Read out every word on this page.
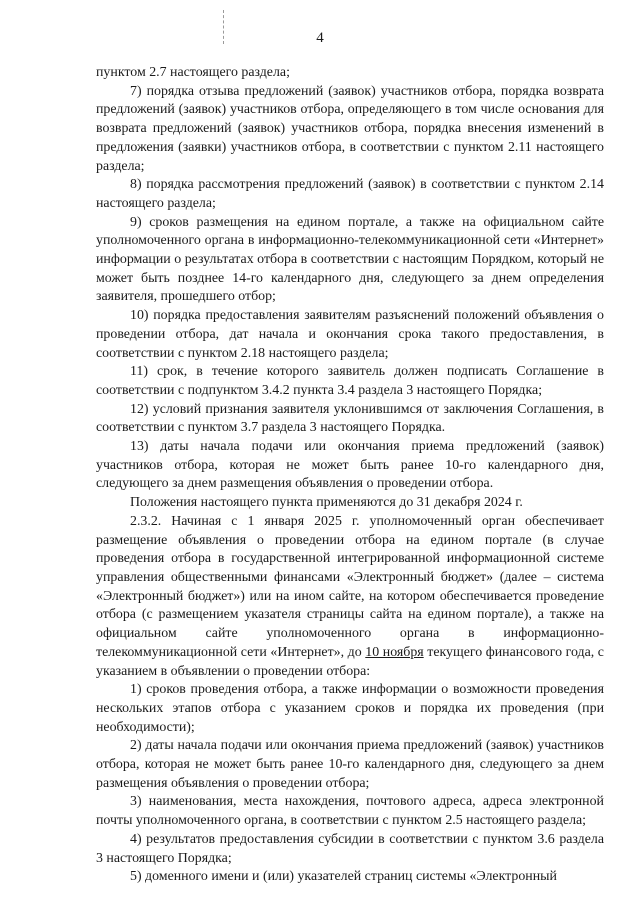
4

пунктом 2.7 настоящего раздела;

7) порядка отзыва предложений (заявок) участников отбора, порядка возврата предложений (заявок) участников отбора, определяющего в том числе основания для возврата предложений (заявок) участников отбора, порядка внесения изменений в предложения (заявки) участников отбора, в соответствии с пунктом 2.11 настоящего раздела;

8) порядка рассмотрения предложений (заявок) в соответствии с пунктом 2.14 настоящего раздела;

9) сроков размещения на едином портале, а также на официальном сайте уполномоченного органа в информационно-телекоммуникационной сети «Интернет» информации о результатах отбора в соответствии с настоящим Порядком, который не может быть позднее 14-го календарного дня, следующего за днем определения заявителя, прошедшего отбор;

10) порядка предоставления заявителям разъяснений положений объявления о проведении отбора, дат начала и окончания срока такого предоставления, в соответствии с пунктом 2.18 настоящего раздела;

11) срок, в течение которого заявитель должен подписать Соглашение в соответствии с подпунктом 3.4.2 пункта 3.4 раздела 3 настоящего Порядка;

12) условий признания заявителя уклонившимся от заключения Соглашения, в соответствии с пунктом 3.7 раздела 3 настоящего Порядка.

13) даты начала подачи или окончания приема предложений (заявок) участников отбора, которая не может быть ранее 10-го календарного дня, следующего за днем размещения объявления о проведении отбора.

Положения настоящего пункта применяются до 31 декабря 2024 г.

2.3.2. Начиная с 1 января 2025 г. уполномоченный орган обеспечивает размещение объявления о проведении отбора на едином портале (в случае проведения отбора в государственной интегрированной информационной системе управления общественными финансами «Электронный бюджет» (далее – система «Электронный бюджет») или на ином сайте, на котором обеспечивается проведение отбора (с размещением указателя страницы сайта на едином портале), а также на официальном сайте уполномоченного органа в информационно-телекоммуникационной сети «Интернет», до 10 ноября текущего финансового года, с указанием в объявлении о проведении отбора:

1) сроков проведения отбора, а также информации о возможности проведения нескольких этапов отбора с указанием сроков и порядка их проведения (при необходимости);

2) даты начала подачи или окончания приема предложений (заявок) участников отбора, которая не может быть ранее 10-го календарного дня, следующего за днем размещения объявления о проведении отбора;

3) наименования, места нахождения, почтового адреса, адреса электронной почты уполномоченного органа, в соответствии с пунктом 2.5 настоящего раздела;

4) результатов предоставления субсидии в соответствии с пунктом 3.6 раздела 3 настоящего Порядка;

5) доменного имени и (или) указателей страниц системы «Электронный
